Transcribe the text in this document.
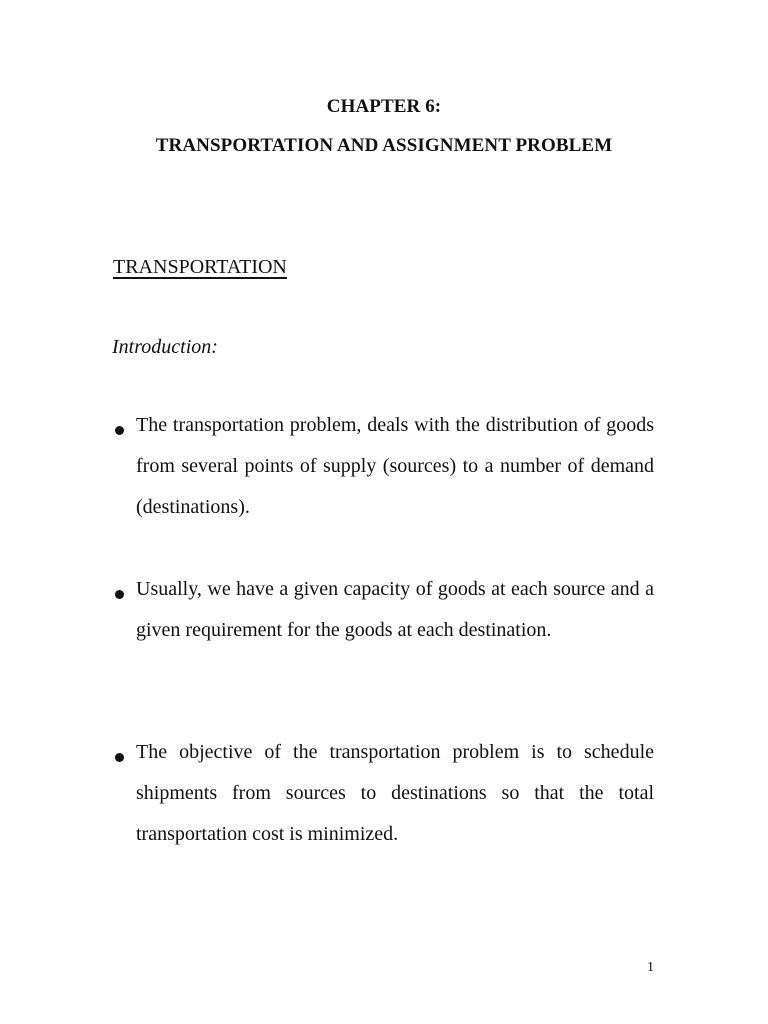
CHAPTER 6:
TRANSPORTATION AND ASSIGNMENT PROBLEM
TRANSPORTATION
Introduction:

The transportation problem, deals with the distribution of goods from several points of supply (sources) to a number of demand (destinations).

Usually, we have a given capacity of goods at each source and a given requirement for the goods at each destination.

The objective of the transportation problem is to schedule shipments from sources to destinations so that the total transportation cost is minimized.

1
